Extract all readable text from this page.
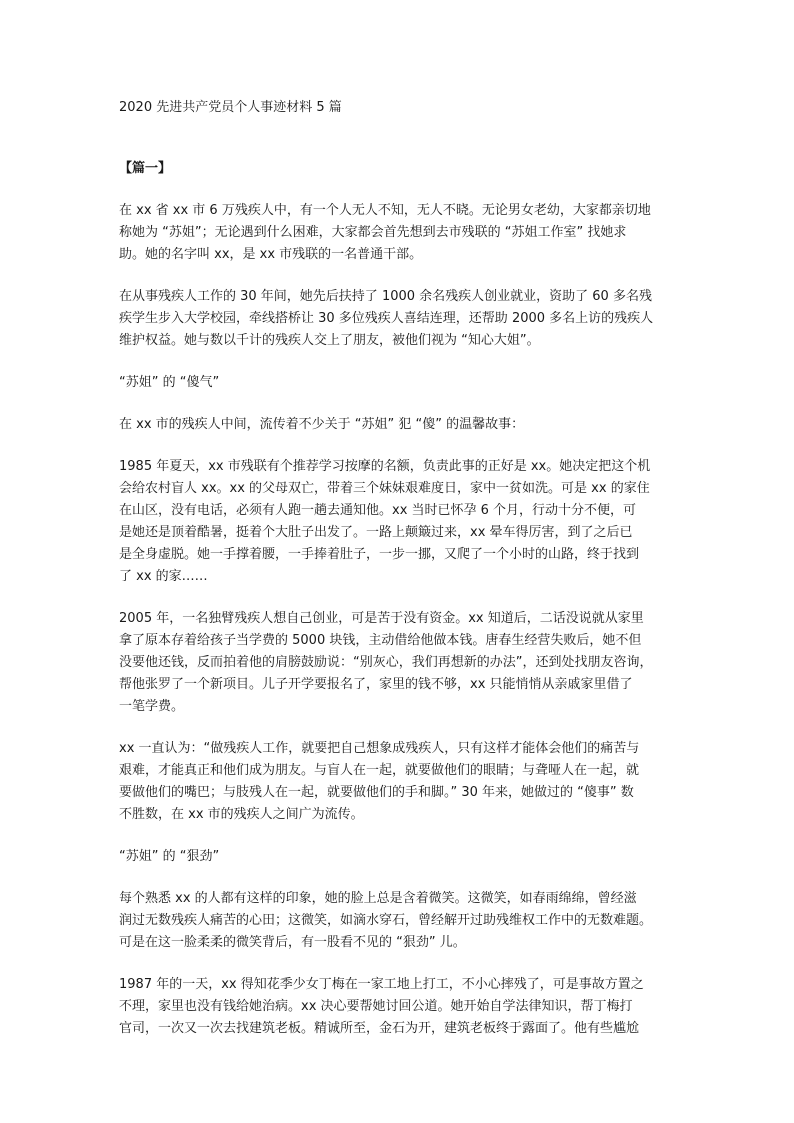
2020 先进共产党员个人事迹材料 5 篇
【篇一】
在 xx 省 xx 市 6 万残疾人中，有一个人无人不知，无人不晓。无论男女老幼，大家都亲切地
称她为 “苏姐”；无论遇到什么困难，大家都会首先想到去市残联的 “苏姐工作室” 找她求
助。她的名字叫 xx，是 xx 市残联的一名普通干部。
在从事残疾人工作的 30 年间，她先后扶持了 1000 余名残疾人创业就业，资助了 60 多名残
疾学生步入大学校园，牵线搭桥让 30 多位残疾人喜结连理，还帮助 2000 多名上访的残疾人
维护权益。她与数以千计的残疾人交上了朋友，被他们视为 “知心大姐”。
“苏姐” 的 “傻气”
在 xx 市的残疾人中间，流传着不少关于 “苏姐” 犯 “傻” 的温馨故事：
1985 年夏天，xx 市残联有个推荐学习按摩的名额，负责此事的正好是 xx。她决定把这个机
会给农村盲人 xx。xx 的父母双亡，带着三个妹妹艰难度日，家中一贫如洗。可是 xx 的家住
在山区，没有电话，必须有人跑一趟去通知他。xx 当时已怀孕 6 个月，行动十分不便，可
是她还是顶着酷暑，挺着个大肚子出发了。一路上颠簸过来，xx 晕车得厉害，到了之后已
是全身虚脱。她一手撑着腰，一手捧着肚子，一步一挪，又爬了一个小时的山路，终于找到
了 xx 的家……
2005 年，一名独臂残疾人想自己创业，可是苦于没有资金。xx 知道后，二话没说就从家里
拿了原本存着给孩子当学费的 5000 块钱，主动借给他做本钱。唐春生经营失败后，她不但
没要他还钱，反而拍着他的肩膀鼓励说：“别灰心，我们再想新的办法”，还到处找朋友咨询，
帮他张罗了一个新项目。儿子开学要报名了，家里的钱不够，xx 只能悄悄从亲戚家里借了
一笔学费。
xx 一直认为：“做残疾人工作，就要把自己想象成残疾人，只有这样才能体会他们的痛苦与
艰难，才能真正和他们成为朋友。与盲人在一起，就要做他们的眼睛；与聋哑人在一起，就
要做他们的嘴巴；与肢残人在一起，就要做他们的手和脚。” 30 年来，她做过的 “傻事” 数
不胜数，在 xx 市的残疾人之间广为流传。
“苏姐” 的 “狠劲”
每个熟悉 xx 的人都有这样的印象，她的脸上总是含着微笑。这微笑，如春雨绵绵，曾经滋
润过无数残疾人痛苦的心田；这微笑，如滴水穿石，曾经解开过助残维权工作中的无数难题。
可是在这一脸柔柔的微笑背后，有一股看不见的 “狠劲” 儿。
1987 年的一天，xx 得知花季少女丁梅在一家工地上打工，不小心摔残了，可是事故方置之
不理，家里也没有钱给她治病。xx 决心要帮她讨回公道。她开始自学法律知识，帮丁梅打
官司，一次又一次去找建筑老板。精诚所至，金石为开，建筑老板终于露面了。他有些尴尬
